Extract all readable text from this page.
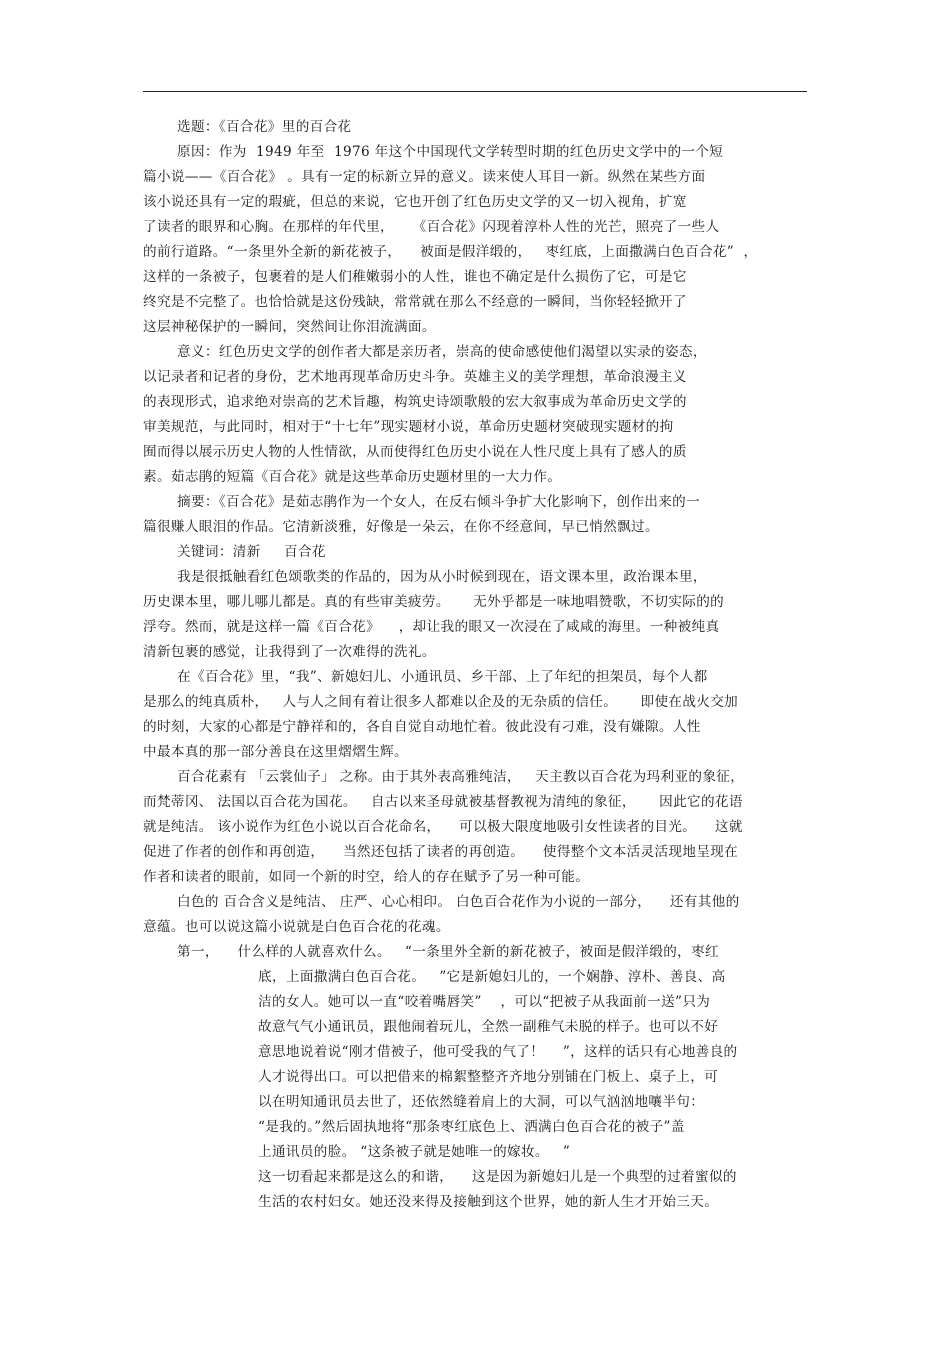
选题：《百合花》里的百合花
原因：作为  1949 年至  1976 年这个中国现代文学转型时期的红色历史文学中的一个短
篇小说——《百合花》 。具有一定的标新立异的意义。读来使人耳目一新。纵然在某些方面
该小说还具有一定的瑕疵，但总的来说，它也开创了红色历史文学的又一切入视角，扩宽
了读者的眼界和心胸。在那样的年代里，    《百合花》闪现着淳朴人性的光芒，照亮了一些人
的前行道路。“一条里外全新的新花被子，    被面是假洋缎的，   枣红底，上面撒满白色百合花”  ，
这样的一条被子，包裹着的是人们稚嫩弱小的人性，谁也不确定是什么损伤了它，可是它
终究是不完整了。也恰恰就是这份残缺，常常就在那么不经意的一瞬间，当你轻轻掀开了
这层神秘保护的一瞬间，突然间让你泪流满面。
意义：红色历史文学的创作者大都是亲历者，崇高的使命感使他们渴望以实录的姿态，
以记录者和记者的身份，艺术地再现革命历史斗争。英雄主义的美学理想，革命浪漫主义
的表现形式，追求绝对崇高的艺术旨趣，构筑史诗颂歌般的宏大叙事成为革命历史文学的
审美规范，与此同时，相对于“十七年”现实题材小说，革命历史题材突破现实题材的拘
囿而得以展示历史人物的人性情欲，从而使得红色历史小说在人性尺度上具有了感人的质
素。茹志鹃的短篇《百合花》就是这些革命历史题材里的一大力作。
摘要：《百合花》是茹志鹃作为一个女人，在反右倾斗争扩大化影响下，创作出来的一
篇很赚人眼泪的作品。它清新淡雅，好像是一朵云，在你不经意间，早已悄然飘过。
关键词：清新     百合花
我是很抵触看红色颂歌类的作品的，因为从小时候到现在，语文课本里，政治课本里，
历史课本里，哪儿哪儿都是。真的有些审美疲劳。     无外乎都是一味地唱赞歌，不切实际的的
浮夸。然而，就是这样一篇《百合花》    ，却让我的眼又一次浸在了咸咸的海里。一种被纯真
清新包裹的感觉，让我得到了一次难得的洗礼。
在《百合花》里，“我”、新媳妇儿、小通讯员、乡干部、上了年纪的担架员，每个人都
是那么的纯真质朴，   人与人之间有着让很多人都难以企及的无杂质的信任。     即使在战火交加
的时刻，大家的心都是宁静祥和的，各自自觉自动地忙着。彼此没有刁难，没有嫌隙。人性
中最本真的那一部分善良在这里熠熠生辉。
百合花素有 「云裳仙子」 之称。由于其外表高雅纯洁，   天主教以百合花为玛利亚的象征，
而梵蒂冈、 法国以百合花为国花。   自古以来圣母就被基督教视为清纯的象征，     因此它的花语
就是纯洁。 该小说作为红色小说以百合花命名，    可以极大限度地吸引女性读者的目光。    这就
促进了作者的创作和再创造，    当然还包括了读者的再创造。    使得整个文本活灵活现地呈现在
作者和读者的眼前，如同一个新的时空，给人的存在赋予了另一种可能。
白色的 百合含义是纯洁、 庄严、心心相印。 白色百合花作为小说的一部分，    还有其他的
意蕴。也可以说这篇小说就是白色百合花的花魂。
第一，    什么样的人就喜欢什么。   “一条里外全新的新花被子，被面是假洋缎的，枣红
底，上面撒满白色百合花。   ”它是新媳妇儿的，一个娴静、淳朴、善良、高
洁的女人。她可以一直“咬着嘴唇笑”    ，可以“把被子从我面前一送”只为
故意气气小通讯员，跟他闹着玩儿，全然一副稚气未脱的样子。也可以不好
意思地说着说“刚才借被子，他可受我的气了！    ”，这样的话只有心地善良的
人才说得出口。可以把借来的棉絮整整齐齐地分别铺在门板上、桌子上，可
以在明知通讯员去世了，还依然缝着肩上的大洞，可以气汹汹地嚷半句：
“是我的。”然后固执地将“那条枣红底色上、洒满白色百合花的被子”盖
上通讯员的脸。 “这条被子就是她唯一的嫁妆。   ”
这一切看起来都是这么的和谐，    这是因为新媳妇儿是一个典型的过着蜜似的
生活的农村妇女。她还没来得及接触到这个世界，她的新人生才开始三天。
